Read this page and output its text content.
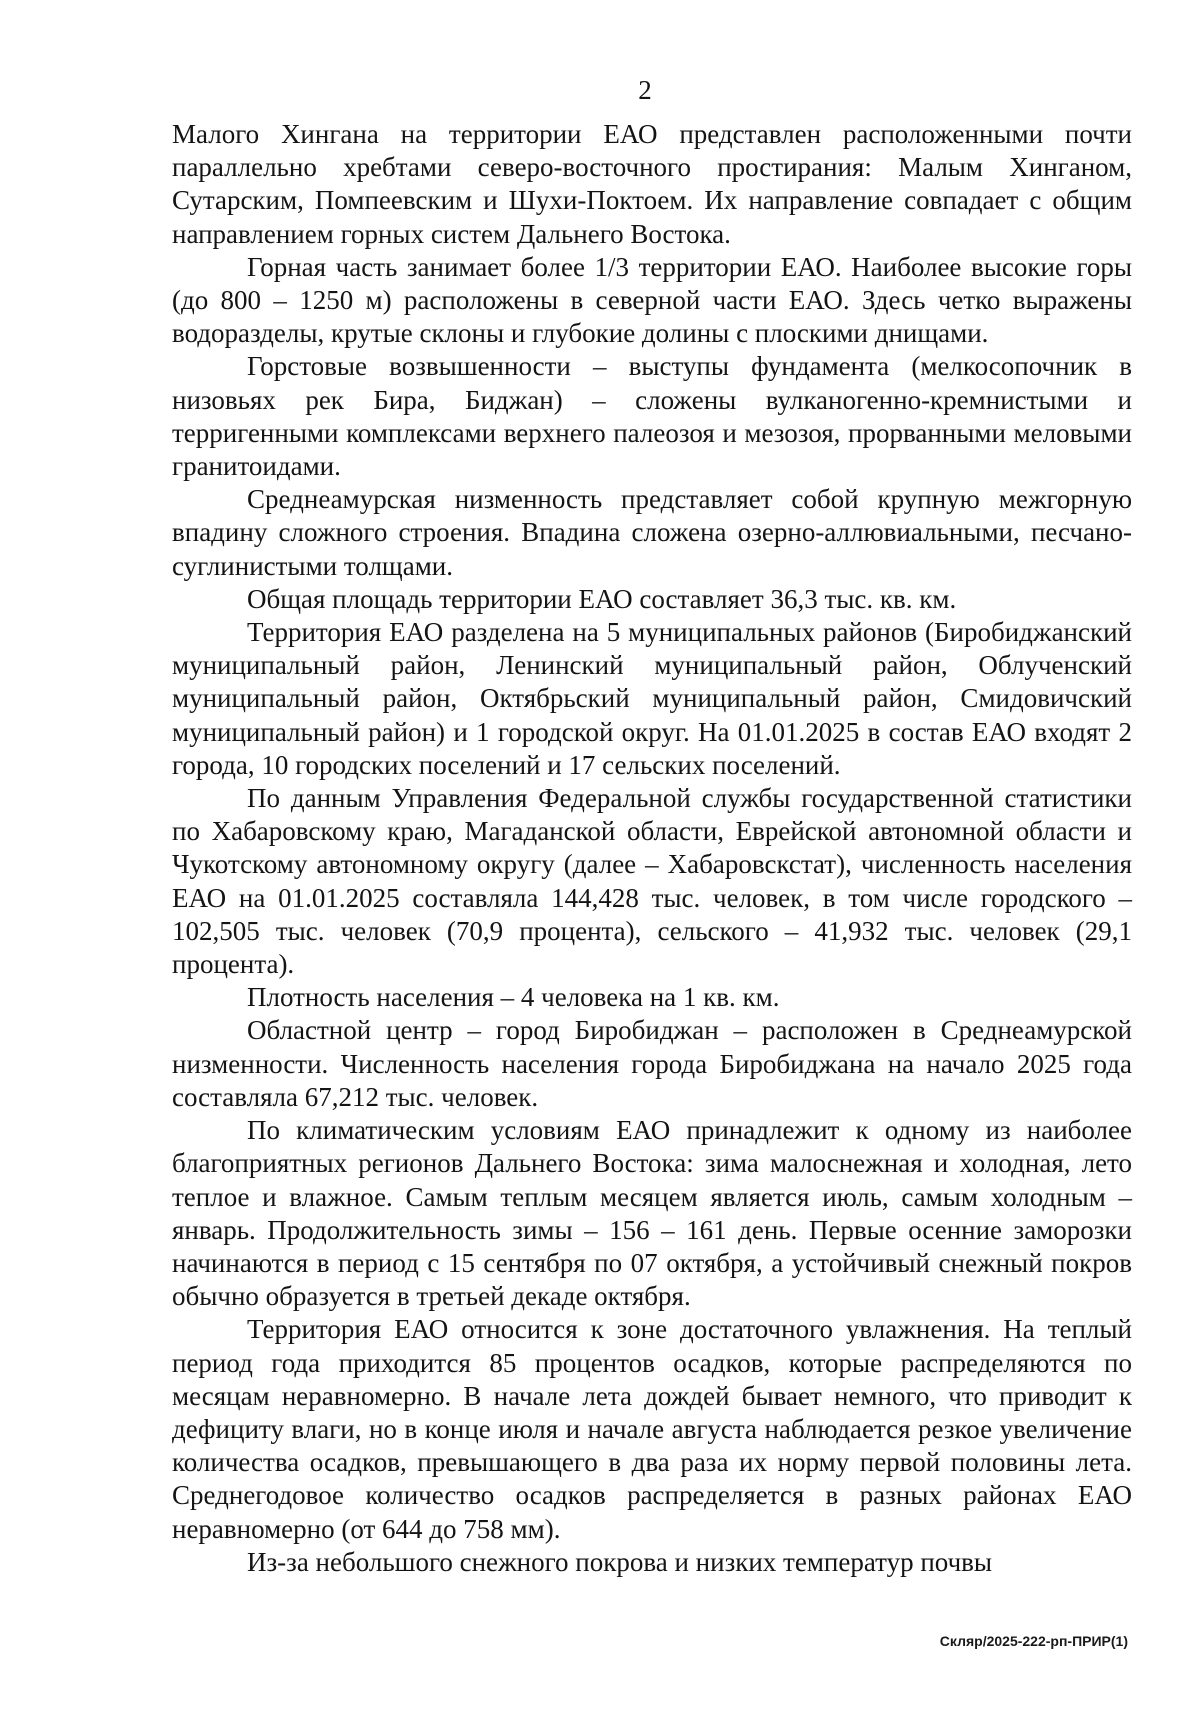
2

Малого Хингана на территории ЕАО представлен расположенными почти параллельно хребтами северо-восточного простирания: Малым Хинганом, Сутарским, Помпеевским и Шухи-Поктоем. Их направление совпадает с общим направлением горных систем Дальнего Востока.

Горная часть занимает более 1/3 территории ЕАО. Наиболее высокие горы (до 800 – 1250 м) расположены в северной части ЕАО. Здесь четко выражены водоразделы, крутые склоны и глубокие долины с плоскими днищами.

Горстовые возвышенности – выступы фундамента (мелкосопочник в низовьях рек Бира, Биджан) – сложены вулканогенно-кремнистыми и терригенными комплексами верхнего палеозоя и мезозоя, прорванными меловыми гранитоидами.

Среднеамурская низменность представляет собой крупную межгорную впадину сложного строения. Впадина сложена озерно-аллювиальными, песчано-суглинистыми толщами.

Общая площадь территории ЕАО составляет 36,3 тыс. кв. км.

Территория ЕАО разделена на 5 муниципальных районов (Биробиджанский муниципальный район, Ленинский муниципальный район, Облученский муниципальный район, Октябрьский муниципальный район, Смидовичский муниципальный район) и 1 городской округ. На 01.01.2025 в состав ЕАО входят 2 города, 10 городских поселений и 17 сельских поселений.

По данным Управления Федеральной службы государственной статистики по Хабаровскому краю, Магаданской области, Еврейской автономной области и Чукотскому автономному округу (далее – Хабаровскстат), численность населения ЕАО на 01.01.2025 составляла 144,428 тыс. человек, в том числе городского – 102,505 тыс. человек (70,9 процента), сельского – 41,932 тыс. человек (29,1 процента).

Плотность населения – 4 человека на 1 кв. км.

Областной центр – город Биробиджан – расположен в Среднеамурской низменности. Численность населения города Биробиджана на начало 2025 года составляла 67,212 тыс. человек.

По климатическим условиям ЕАО принадлежит к одному из наиболее благоприятных регионов Дальнего Востока: зима малоснежная и холодная, лето теплое и влажное. Самым теплым месяцем является июль, самым холодным – январь. Продолжительность зимы – 156 – 161 день. Первые осенние заморозки начинаются в период с 15 сентября по 07 октября, а устойчивый снежный покров обычно образуется в третьей декаде октября.

Территория ЕАО относится к зоне достаточного увлажнения. На теплый период года приходится 85 процентов осадков, которые распределяются по месяцам неравномерно. В начале лета дождей бывает немного, что приводит к дефициту влаги, но в конце июля и начале августа наблюдается резкое увеличение количества осадков, превышающего в два раза их норму первой половины лета. Среднегодовое количество осадков распределяется в разных районах ЕАО неравномерно (от 644 до 758 мм).

Из-за небольшого снежного покрова и низких температур почвы

Скляр/2025-222-рп-ПРИР(1)
